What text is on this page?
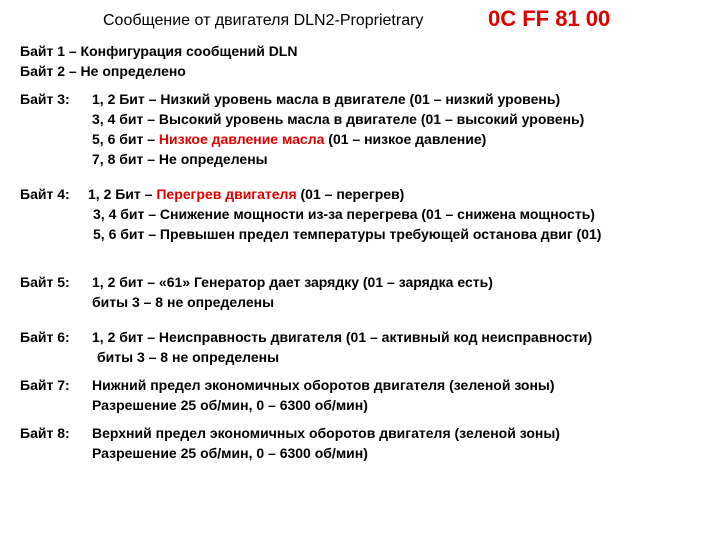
Сообщение от двигателя DLN2-Proprietrary	0C FF 81 00
Байт 1 – Конфигурация сообщений DLN
Байт 2 – Не определено
Байт 3:	1, 2 Бит – Низкий уровень масла в двигателе (01 – низкий уровень)
3, 4 бит – Высокий уровень масла в двигателе (01 – высокий уровень)
5, 6 бит – Низкое давление масла (01 – низкое давление)
7, 8 бит – Не определены
Байт 4:	1, 2 Бит – Перегрев двигателя (01 – перегрев)
3, 4 бит – Снижение мощности из-за перегрева (01 – снижена мощность)
5, 6 бит – Превышен предел температуры требующей останова двиг (01)
Байт 5:	1, 2 бит – «61» Генератор дает зарядку (01 – зарядка есть)
биты 3 – 8 не определены
Байт 6:	1, 2 бит – Неисправность двигателя (01 – активный код неисправности)
биты 3 – 8 не определены
Байт 7:	Нижний предел экономичных оборотов двигателя (зеленой зоны)
Разрешение 25 об/мин, 0 – 6300 об/мин)
Байт 8:	Верхний предел экономичных оборотов двигателя (зеленой зоны)
Разрешение 25 об/мин, 0 – 6300 об/мин)
